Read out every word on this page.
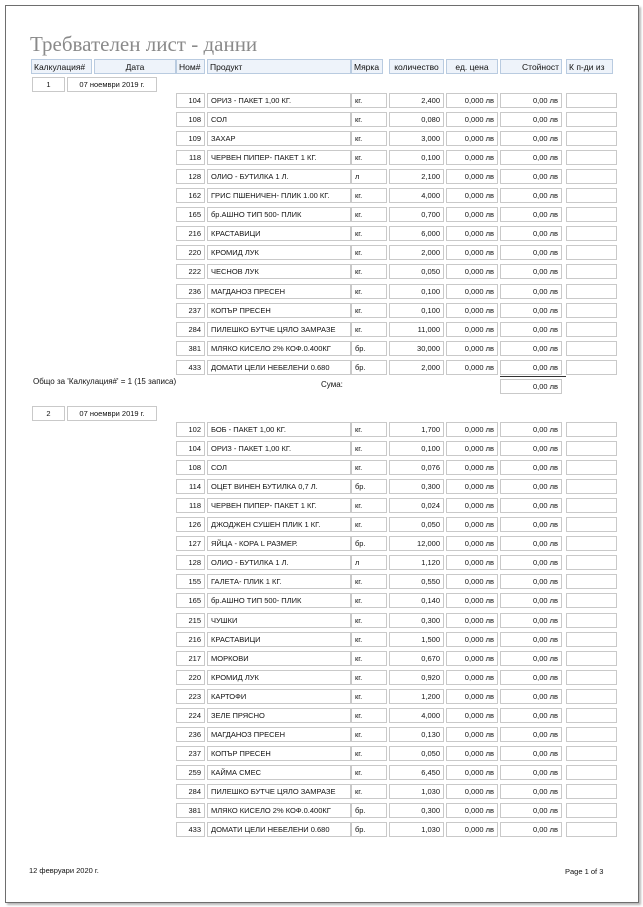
Требвателен лист - данни
Калкулация#	Дата	Ном#	Продукт	Мярка	количество	ед. цена	Стойност	К п-ди из
1	07 ноември 2019 г.
104	ОРИЗ - ПАКЕТ 1,00 КГ.	кг.	2,400	0,000 лв	0,00 лв
108	СОЛ	кг.	0,080	0,000 лв	0,00 лв
109	ЗАХАР	кг.	3,000	0,000 лв	0,00 лв
118	ЧЕРВЕН ПИПЕР- ПАКЕТ 1 КГ.	кг.	0,100	0,000 лв	0,00 лв
128	ОЛИО - БУТИЛКА 1 Л.	л	2,100	0,000 лв	0,00 лв
162	ГРИС ПШЕНИЧЕН- ПЛИК 1.00 КГ.	кг.	4,000	0,000 лв	0,00 лв
165	бр.АШНО ТИП 500- ПЛИК	кг.	0,700	0,000 лв	0,00 лв
216	КРАСТАВИЦИ	кг.	6,000	0,000 лв	0,00 лв
220	КРОМИД ЛУК	кг.	2,000	0,000 лв	0,00 лв
222	ЧЕСНОВ ЛУК	кг.	0,050	0,000 лв	0,00 лв
236	МАГДАНОЗ ПРЕСЕН	кг.	0,100	0,000 лв	0,00 лв
237	КОПЪР ПРЕСЕН	кг.	0,100	0,000 лв	0,00 лв
284	ПИЛЕШКО БУТЧЕ ЦЯЛО ЗАМРАЗЕ	кг.	11,000	0,000 лв	0,00 лв
381	МЛЯКО КИСЕЛО 2% КОФ.0.400КГ	бр.	30,000	0,000 лв	0,00 лв
433	ДОМАТИ ЦЕЛИ НЕБЕЛЕНИ 0.680	бр.	2,000	0,000 лв	0,00 лв
Общо за 'Калкулация#' = 1 (15 записа)	Сума:	0,00 лв
2	07 ноември 2019 г.
102	БОБ - ПАКЕТ 1,00 КГ.	кг.	1,700	0,000 лв	0,00 лв
104	ОРИЗ - ПАКЕТ 1,00 КГ.	кг.	0,100	0,000 лв	0,00 лв
108	СОЛ	кг.	0,076	0,000 лв	0,00 лв
114	ОЦЕТ ВИНЕН БУТИЛКА 0,7 Л.	бр.	0,300	0,000 лв	0,00 лв
118	ЧЕРВЕН ПИПЕР- ПАКЕТ 1 КГ.	кг.	0,024	0,000 лв	0,00 лв
126	ДЖОДЖЕН СУШЕН ПЛИК 1 КГ.	кг.	0,050	0,000 лв	0,00 лв
127	ЯЙЦА - КОРА L РАЗМЕР.	бр.	12,000	0,000 лв	0,00 лв
128	ОЛИО - БУТИЛКА 1 Л.	л	1,120	0,000 лв	0,00 лв
155	ГАЛЕТА- ПЛИК 1 КГ.	кг.	0,550	0,000 лв	0,00 лв
165	бр.АШНО ТИП 500- ПЛИК	кг.	0,140	0,000 лв	0,00 лв
215	ЧУШКИ	кг.	0,300	0,000 лв	0,00 лв
216	КРАСТАВИЦИ	кг.	1,500	0,000 лв	0,00 лв
217	МОРКОВИ	кг.	0,670	0,000 лв	0,00 лв
220	КРОМИД ЛУК	кг.	0,920	0,000 лв	0,00 лв
223	КАРТОФИ	кг.	1,200	0,000 лв	0,00 лв
224	ЗЕЛЕ ПРЯСНО	кг.	4,000	0,000 лв	0,00 лв
236	МАГДАНОЗ ПРЕСЕН	кг.	0,130	0,000 лв	0,00 лв
237	КОПЪР ПРЕСЕН	кг.	0,050	0,000 лв	0,00 лв
259	КАЙМА СМЕС	кг.	6,450	0,000 лв	0,00 лв
284	ПИЛЕШКО БУТЧЕ ЦЯЛО ЗАМРАЗЕ	кг.	1,030	0,000 лв	0,00 лв
381	МЛЯКО КИСЕЛО 2% КОФ.0.400КГ	бр.	0,300	0,000 лв	0,00 лв
433	ДОМАТИ ЦЕЛИ НЕБЕЛЕНИ 0.680	бр.	1,030	0,000 лв	0,00 лв
12 февруари 2020 г.	Page 1 of 3
